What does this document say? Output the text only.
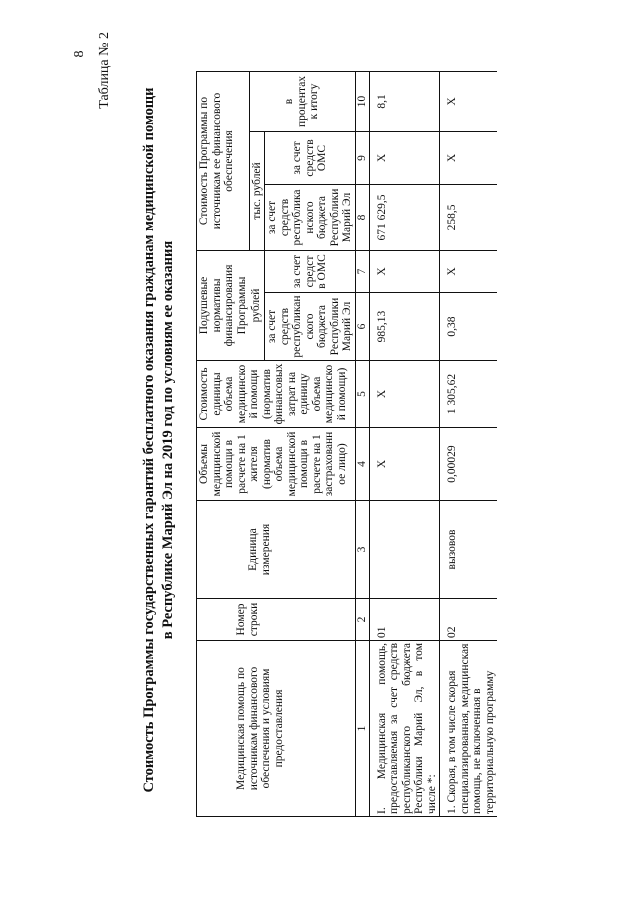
8 Таблица № 2
Стоимость Программы государственных гарантий бесплатного оказания гражданам медицинской помощи в Республике Марий Эл на 2019 год по условиям ее оказания
Медицинская помощь по источникам финансового обеспечения и условиям предоставления	Номер строки	Единица измерения	Объемы медицинской помощи в расчете на 1 жителя (норматив объема медицинской помощи в расчете на 1 застрахованное лицо)	Стоимость единицы объема медицинской помощи (норматив финансовых затрат на единицу объема медицинской помощи)	Подушевые нормативы финансирования Программы		Стоимость Программы по источникам ее финансового обеспечения		
					рублей		тыс. рублей		в процентах к итогу
					за счет средств республиканского бюджета Республики Марий Эл	за счет средств ОМС	за счет средств республиканского бюджета Республики Марий Эл	за счет средств ОМС	
1	2	3	4	5	6	7	8	9	10
I. Медицинская помощь, предоставляемая за счет средств республиканского бюджета Республики Марий Эл, в том числе *:	01		X	X	985,13	X	671 629,5	X	8,1
1. Скорая, в том числе скорая специализированная, медицинская помощь, не включенная в территориальную программу	02	вызовов	0,00029	1 305,62	0,38	X	258,5	X	X
